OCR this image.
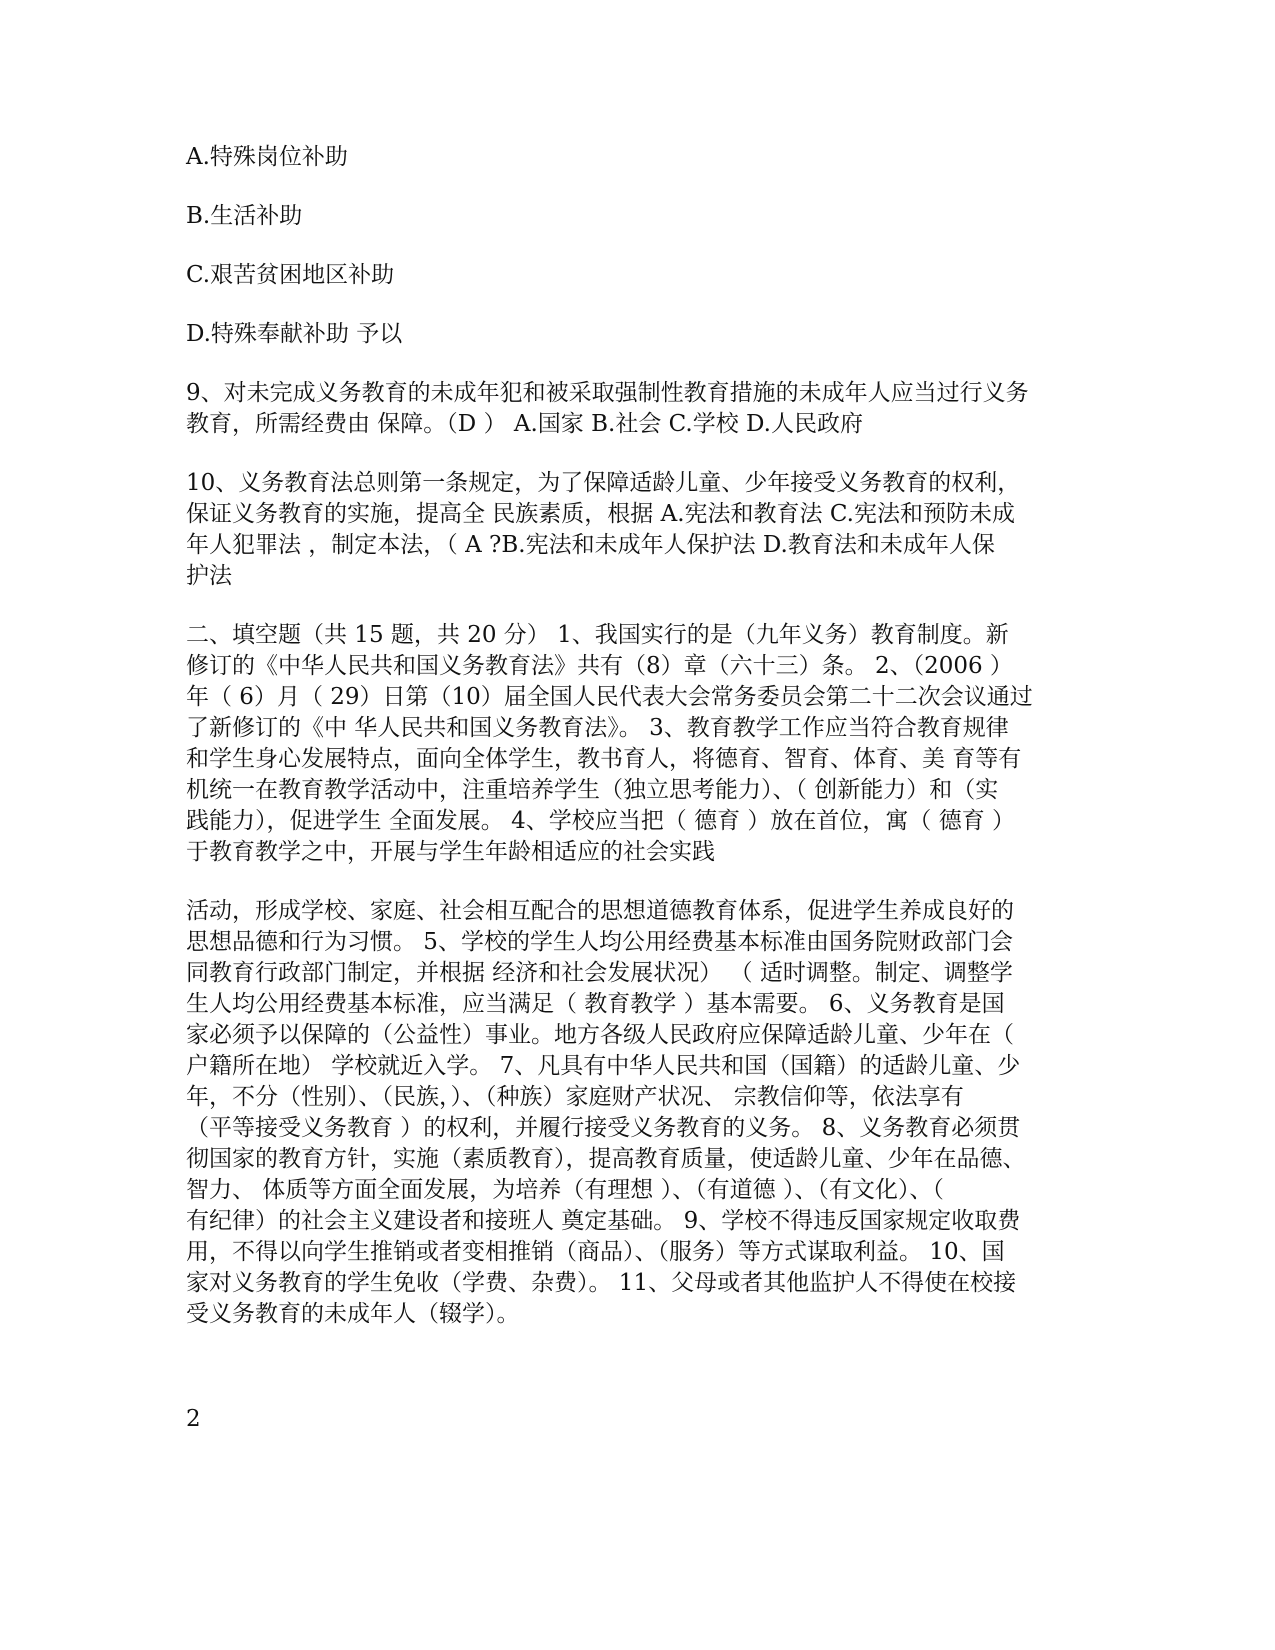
A.特殊岗位补助

B.生活补助

C.艰苦贫困地区补助

D.特殊奉献补助 予以

9、对未完成义务教育的未成年犯和被采取强制性教育措施的未成年人应当过行义务

教育，所需经费由 保障。（D ） A.国家 B.社会 C.学校 D.人民政府

10、义务教育法总则第一条规定，为了保障适龄儿童、少年接受义务教育的权利，

保证义务教育的实施，提高全 民族素质，根据 A.宪法和教育法 C.宪法和预防未成

年人犯罪法 ，制定本法，（ A ?B.宪法和未成年人保护法 D.教育法和未成年人保

护法

二、填空题（共 15 题，共 20 分） 1、我国实行的是（九年义务）教育制度。新

修订的《中华人民共和国义务教育法》共有（8）章（六十三）条。 2、（2006 ）

年（ 6）月（ 29）日第（10）届全国人民代表大会常务委员会第二十二次会议通过

了新修订的《中 华人民共和国义务教育法》。 3、教育教学工作应当符合教育规律

和学生身心发展特点，面向全体学生，教书育人，将德育、智育、体育、美 育等有

机统一在教育教学活动中，注重培养学生（独立思考能力）、（ 创新能力）和（实

践能力），促进学生 全面发展。 4、学校应当把（ 德育 ）放在首位，寓（ 德育 ）

于教育教学之中，开展与学生年龄相适应的社会实践

活动，形成学校、家庭、社会相互配合的思想道德教育体系，促进学生养成良好的

思想品德和行为习惯。 5、学校的学生人均公用经费基本标准由国务院财政部门会

同教育行政部门制定，并根据 经济和社会发展状况） （ 适时调整。制定、调整学

生人均公用经费基本标准，应当满足（ 教育教学 ）基本需要。 6、义务教育是国

家必须予以保障的（公益性）事业。地方各级人民政府应保障适龄儿童、少年在（

户籍所在地） 学校就近入学。 7、凡具有中华人民共和国（国籍）的适龄儿童、少

年，不分（性别）、（民族，）、（种族）家庭财产状况、 宗教信仰等，依法享有

（平等接受义务教育 ）的权利，并履行接受义务教育的义务。 8、义务教育必须贯

彻国家的教育方针，实施（素质教育），提高教育质量，使适龄儿童、少年在品德、

智力、 体质等方面全面发展，为培养（有理想 ）、（有道德 ）、（有文化）、（

有纪律）的社会主义建设者和接班人 奠定基础。 9、学校不得违反国家规定收取费

用，不得以向学生推销或者变相推销（商品）、（服务）等方式谋取利益。 10、国

家对义务教育的学生免收（学费、杂费）。 11、父母或者其他监护人不得使在校接

受义务教育的未成年人（辍学）。

2
